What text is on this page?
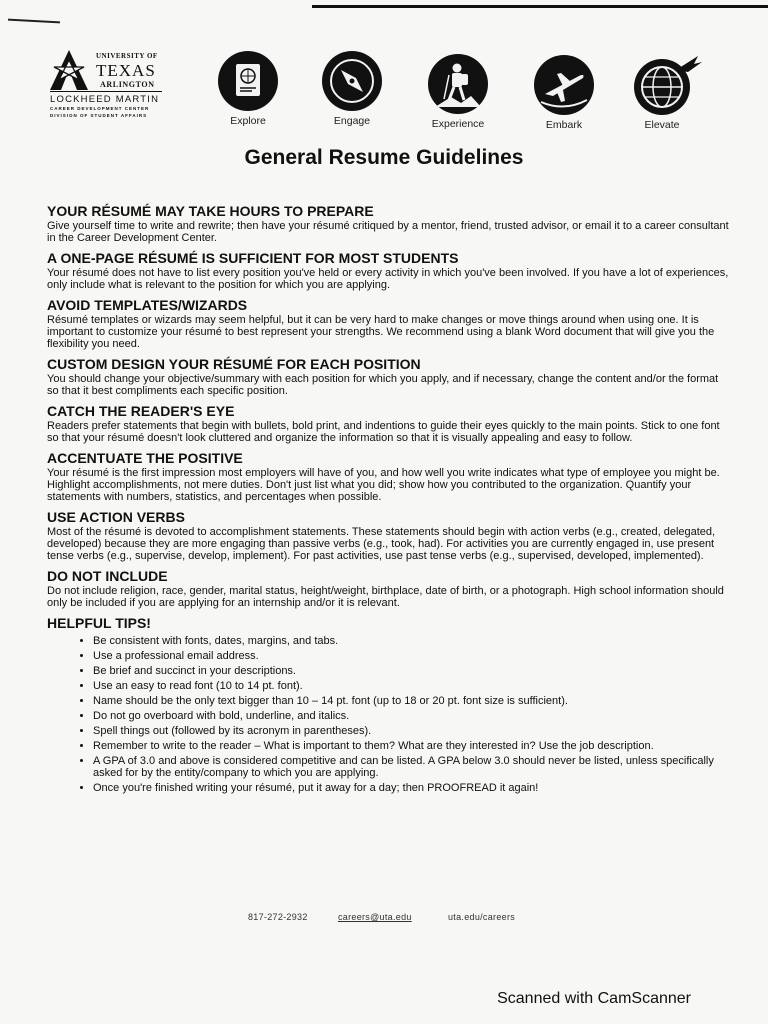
UNIVERSITY OF
TEXAS
ARLINGTON
LOCKHEED MARTIN
CAREER DEVELOPMENT CENTER
DIVISION OF STUDENT AFFAIRS	Explore	Engage	Experience	Embark	Elevate
General Resume Guidelines
YOUR RÉSUMÉ MAY TAKE HOURS TO PREPARE

Give yourself time to write and rewrite; then have your résumé critiqued by a mentor, friend, trusted advisor, or email it to a career consultant in the Career Development Center.

A ONE-PAGE RÉSUMÉ IS SUFFICIENT FOR MOST STUDENTS

Your résumé does not have to list every position you've held or every activity in which you've been involved. If you have a lot of experiences, only include what is relevant to the position for which you are applying.

AVOID TEMPLATES/WIZARDS

Résumé templates or wizards may seem helpful, but it can be very hard to make changes or move things around when using one. It is important to customize your résumé to best represent your strengths. We recommend using a blank Word document that will give you the flexibility you need.

CUSTOM DESIGN YOUR RÉSUMÉ FOR EACH POSITION

You should change your objective/summary with each position for which you apply, and if necessary, change the content and/or the format so that it best compliments each specific position.

CATCH THE READER'S EYE

Readers prefer statements that begin with bullets, bold print, and indentions to guide their eyes quickly to the main points. Stick to one font so that your résumé doesn't look cluttered and organize the information so that it is visually appealing and easy to follow.

ACCENTUATE THE POSITIVE

Your résumé is the first impression most employers will have of you, and how well you write indicates what type of employee you might be. Highlight accomplishments, not mere duties. Don't just list what you did; show how you contributed to the organization. Quantify your statements with numbers, statistics, and percentages when possible.

USE ACTION VERBS

Most of the résumé is devoted to accomplishment statements. These statements should begin with action verbs (e.g., created, delegated, developed) because they are more engaging than passive verbs (e.g., took, had). For activities you are currently engaged in, use present tense verbs (e.g., supervise, develop, implement). For past activities, use past tense verbs (e.g., supervised, developed, implemented).

DO NOT INCLUDE

Do not include religion, race, gender, marital status, height/weight, birthplace, date of birth, or a photograph. High school information should only be included if you are applying for an internship and/or it is relevant.

HELPFUL TIPS!
• Be consistent with fonts, dates, margins, and tabs.
• Use a professional email address.
• Be brief and succinct in your descriptions.
• Use an easy to read font (10 to 14 pt. font).
• Name should be the only text bigger than 10 – 14 pt. font (up to 18 or 20 pt. font size is sufficient).
• Do not go overboard with bold, underline, and italics.
• Spell things out (followed by its acronym in parentheses).
• Remember to write to the reader – What is important to them? What are they interested in? Use the job description.
• A GPA of 3.0 and above is considered competitive and can be listed. A GPA below 3.0 should never be listed, unless specifically asked for by the entity/company to which you are applying.
• Once you're finished writing your résumé, put it away for a day; then PROOFREAD it again!
817-272-2932	careers@uta.edu	uta.edu/careers
Scanned with CamScanner
